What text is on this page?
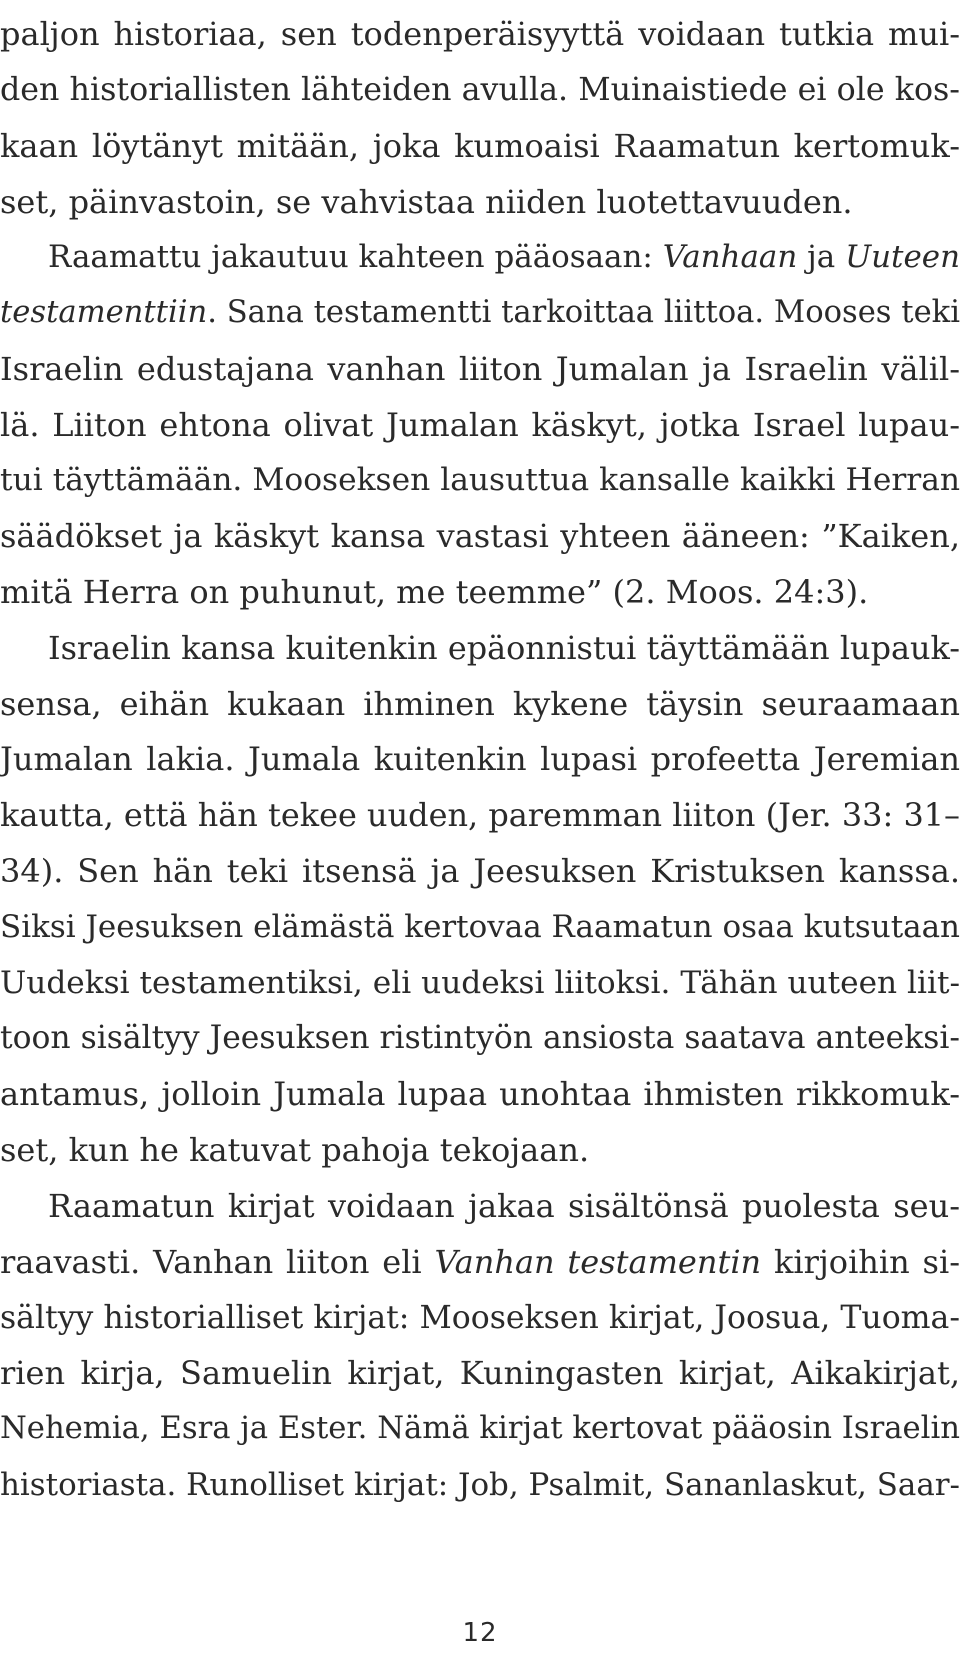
paljon historiaa, sen todenperäisyyttä voidaan tutkia mui-
den historiallisten lähteiden avulla. Muinaistiede ei ole kos-
kaan löytänyt mitään, joka kumoaisi Raamatun kertomuk-
set, päinvastoin, se vahvistaa niiden luotettavuuden.
Raamattu jakautuu kahteen pääosaan: Vanhaan ja Uuteen
testamenttiin. Sana testamentti tarkoittaa liittoa. Mooses teki
Israelin edustajana vanhan liiton Jumalan ja Israelin välil-
lä. Liiton ehtona olivat Jumalan käskyt, jotka Israel lupau-
tui täyttämään. Mooseksen lausuttua kansalle kaikki Herran
säädökset ja käskyt kansa vastasi yhteen ääneen: ”Kaiken,
mitä Herra on puhunut, me teemme” (2. Moos. 24:3).
Israelin kansa kuitenkin epäonnistui täyttämään lupauk-
sensa, eihän kukaan ihminen kykene täysin seuraamaan
Jumalan lakia. Jumala kuitenkin lupasi profeetta Jeremian
kautta, että hän tekee uuden, paremman liiton (Jer. 33: 31–
34). Sen hän teki itsensä ja Jeesuksen Kristuksen kanssa.
Siksi Jeesuksen elämästä kertovaa Raamatun osaa kutsutaan
Uudeksi testamentiksi, eli uudeksi liitoksi. Tähän uuteen liit-
toon sisältyy Jeesuksen ristintyön ansiosta saatava anteeksi-
antamus, jolloin Jumala lupaa unohtaa ihmisten rikkomuk-
set, kun he katuvat pahoja tekojaan.
Raamatun kirjat voidaan jakaa sisältönsä puolesta seu-
raavasti. Vanhan liiton eli Vanhan testamentin kirjoihin si-
sältyy historialliset kirjat: Mooseksen kirjat, Joosua, Tuoma-
rien kirja, Samuelin kirjat, Kuningasten kirjat, Aikakirjat,
Nehemia, Esra ja Ester. Nämä kirjat kertovat pääosin Israelin
historiasta. Runolliset kirjat: Job, Psalmit, Sananlaskut, Saar-
12
